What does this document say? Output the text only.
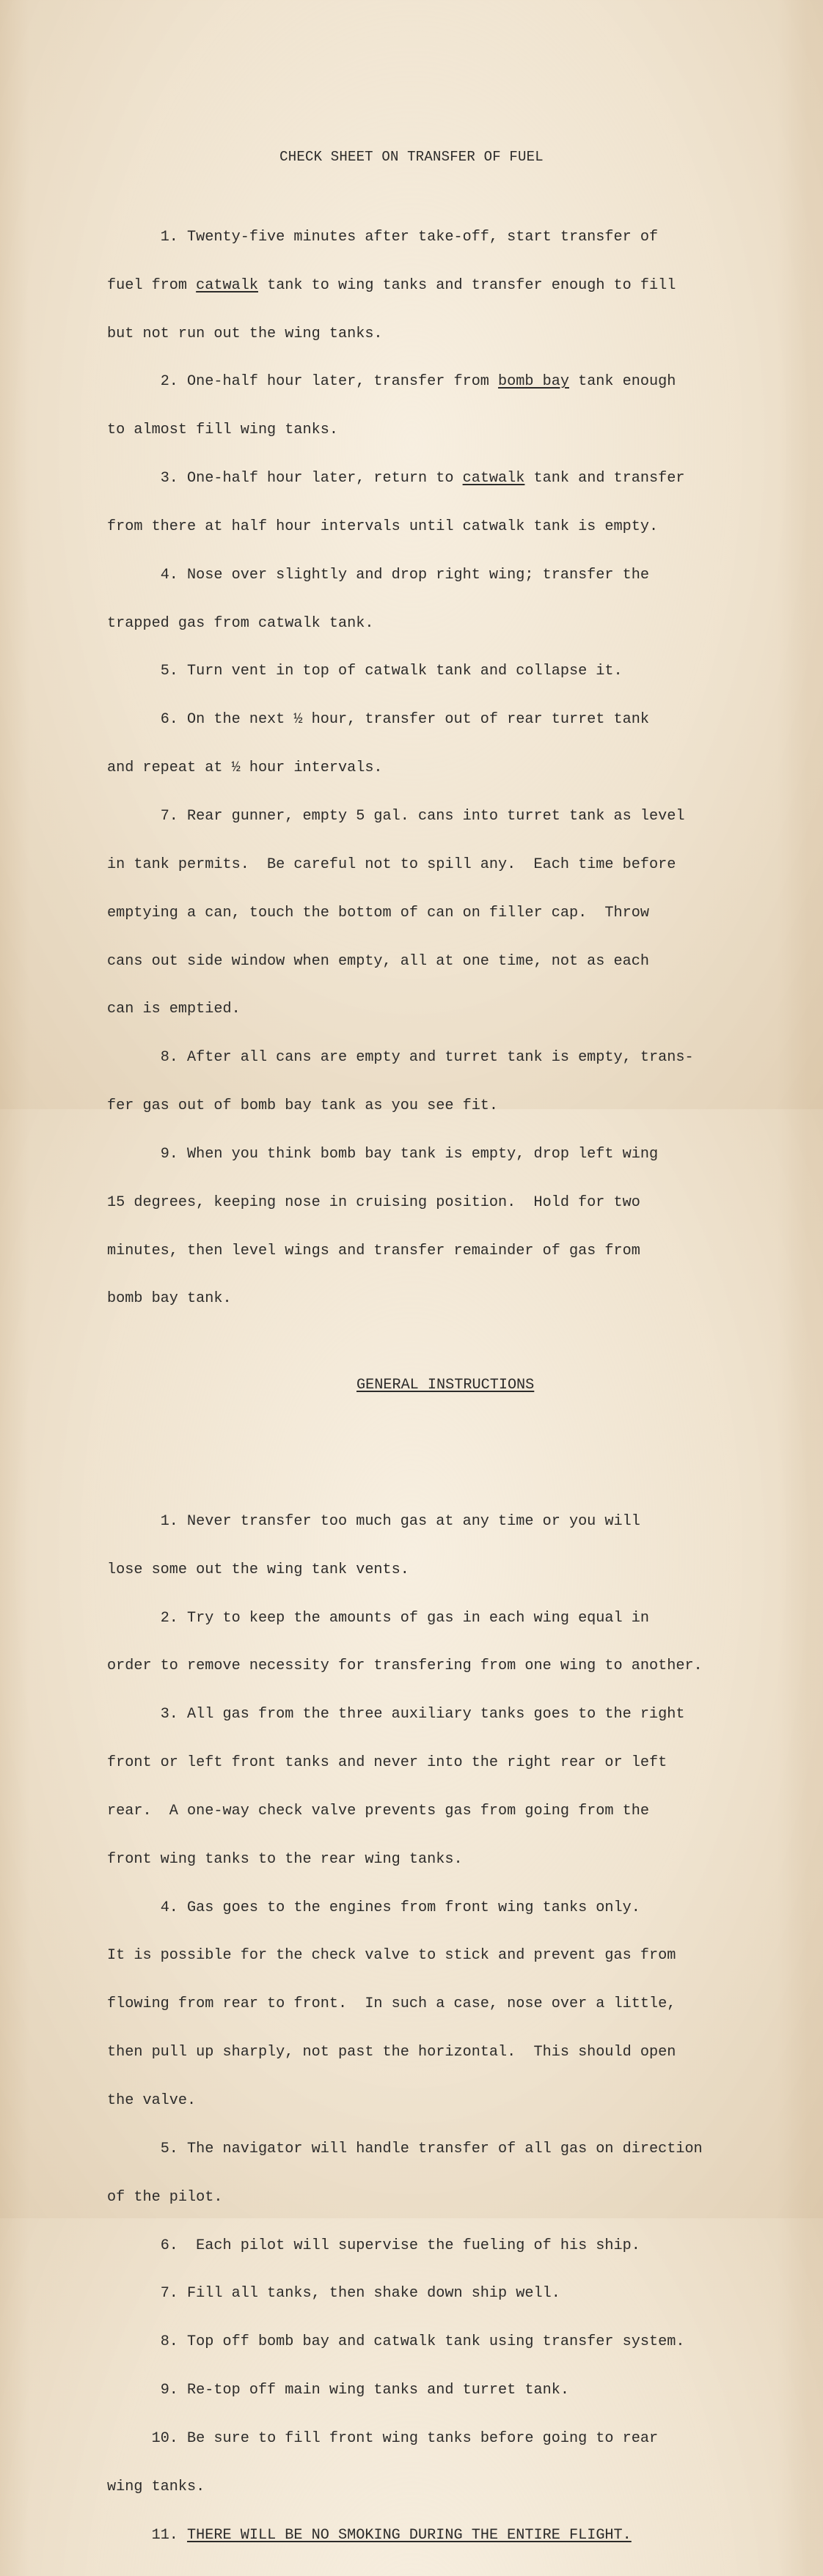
CHECK SHEET ON TRANSFER OF FUEL

1. Twenty-five minutes after take-off, start transfer of

fuel from catwalk tank to wing tanks and transfer enough to fill

but not run out the wing tanks.

2. One-half hour later, transfer from bomb bay tank enough

to almost fill wing tanks.

3. One-half hour later, return to catwalk tank and transfer

from there at half hour intervals until catwalk tank is empty.

4. Nose over slightly and drop right wing; transfer the

trapped gas from catwalk tank.

5. Turn vent in top of catwalk tank and collapse it.

6. On the next ½ hour, transfer out of rear turret tank

and repeat at ½ hour intervals.

7. Rear gunner, empty 5 gal. cans into turret tank as level

in tank permits.  Be careful not to spill any.  Each time before

emptying a can, touch the bottom of can on filler cap.  Throw

cans out side window when empty, all at one time, not as each

can is emptied.

8. After all cans are empty and turret tank is empty, trans-

fer gas out of bomb bay tank as you see fit.

9. When you think bomb bay tank is empty, drop left wing

15 degrees, keeping nose in cruising position.  Hold for two

minutes, then level wings and transfer remainder of gas from

bomb bay tank.

GENERAL INSTRUCTIONS

1. Never transfer too much gas at any time or you will

lose some out the wing tank vents.

2. Try to keep the amounts of gas in each wing equal in

order to remove necessity for transfering from one wing to another.

3. All gas from the three auxiliary tanks goes to the right

front or left front tanks and never into the right rear or left

rear.  A one-way check valve prevents gas from going from the

front wing tanks to the rear wing tanks.

4. Gas goes to the engines from front wing tanks only.

It is possible for the check valve to stick and prevent gas from

flowing from rear to front.  In such a case, nose over a little,

then pull up sharply, not past the horizontal.  This should open

the valve.

5. The navigator will handle transfer of all gas on direction

of the pilot.

6.  Each pilot will supervise the fueling of his ship.

7. Fill all tanks, then shake down ship well.

8. Top off bomb bay and catwalk tank using transfer system.

9. Re-top off main wing tanks and turret tank.

10. Be sure to fill front wing tanks before going to rear

wing tanks.

11. THERE WILL BE NO SMOKING DURING THE ENTIRE FLIGHT.
